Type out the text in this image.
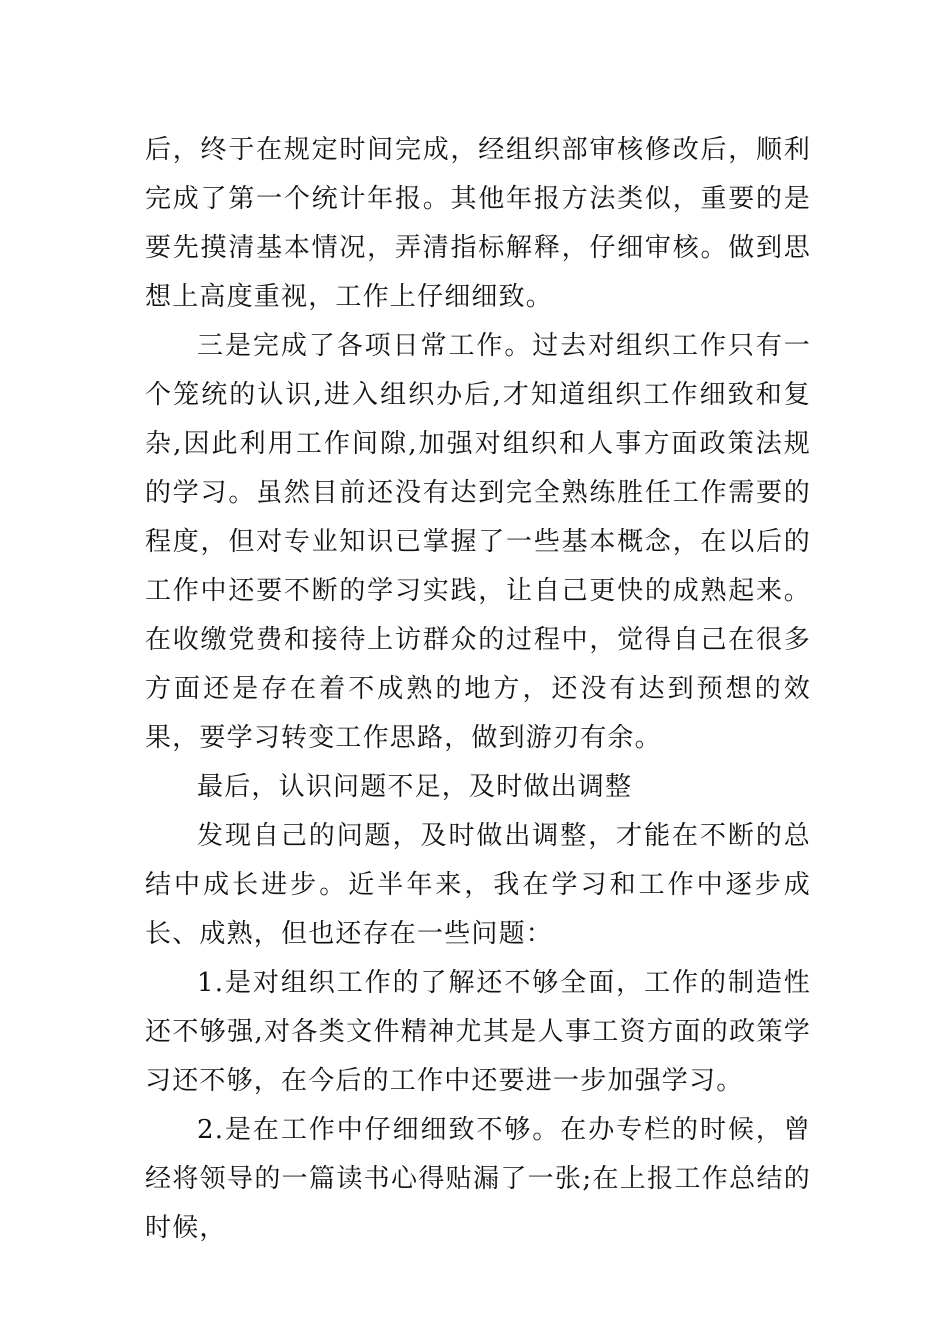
后，终于在规定时间完成，经组织部审核修改后，顺利完成了第一个统计年报。其他年报方法类似，重要的是要先摸清基本情况，弄清指标解释，仔细审核。做到思想上高度重视，工作上仔细细致。

三是完成了各项日常工作。过去对组织工作只有一个笼统的认识,进入组织办后,才知道组织工作细致和复杂,因此利用工作间隙,加强对组织和人事方面政策法规的学习。虽然目前还没有达到完全熟练胜任工作需要的程度，但对专业知识已掌握了一些基本概念，在以后的工作中还要不断的学习实践，让自己更快的成熟起来。在收缴党费和接待上访群众的过程中，觉得自己在很多方面还是存在着不成熟的地方，还没有达到预想的效果，要学习转变工作思路，做到游刃有余。

最后，认识问题不足，及时做出调整

发现自己的问题，及时做出调整，才能在不断的总结中成长进步。近半年来，我在学习和工作中逐步成长、成熟，但也还存在一些问题：

1.是对组织工作的了解还不够全面，工作的制造性还不够强,对各类文件精神尤其是人事工资方面的政策学习还不够，在今后的工作中还要进一步加强学习。

2.是在工作中仔细细致不够。在办专栏的时候，曾经将领导的一篇读书心得贴漏了一张;在上报工作总结的时候，
